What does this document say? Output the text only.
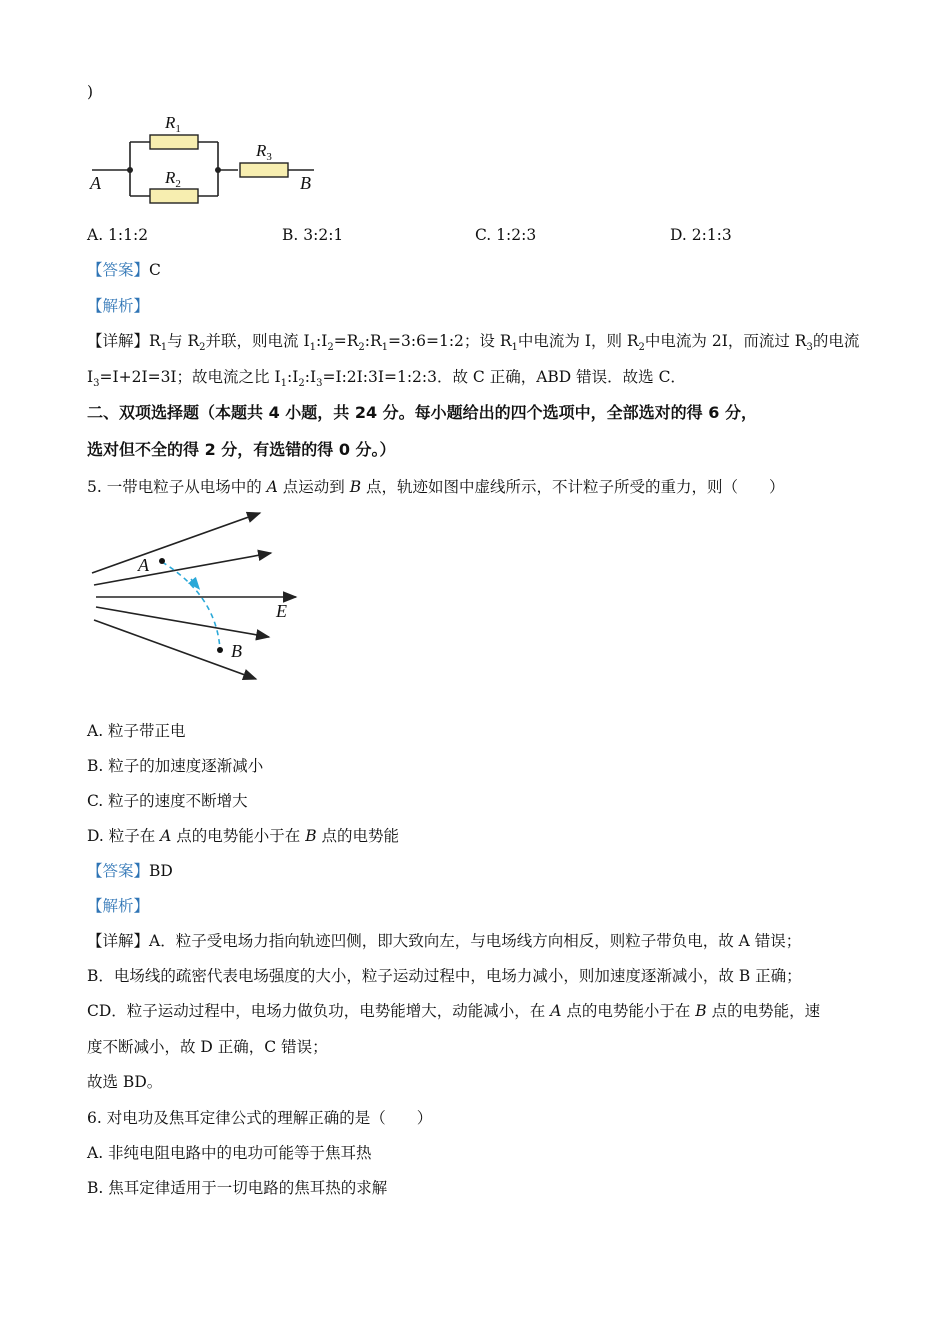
)
$R_1$
$R_2$
$R_3$
A	B
A. 1:1:2	B. 3:2:1	C. 1:2:3	D. 2:1:3
【答案】C
【解析】
【详解】$R_1$与 $R_2$并联，则电流 $I_1:I_2=R_2:R_1=3:6=1:2$；设 $R_1$中电流为 I，则 $R_2$中电流为 2I，而流过 $R_3$的电流
$I_3=I+2I=3I$；故电流之比 $I_1:I_2:I_3=I:2I:3I=1:2:3$．故 C 正确，ABD 错误．故选 C．
二、双项选择题（本题共 4 小题，共 24 分。每小题给出的四个选项中，全部选对的得 6 分，
选对但不全的得 2 分，有选错的得 0 分。）
5. 一带电粒子从电场中的 A 点运动到 B 点，轨迹如图中虚线所示，不计粒子所受的重力，则（　　）
A
B
E
A. 粒子带正电
B. 粒子的加速度逐渐减小
C. 粒子的速度不断增大
D. 粒子在 A 点的电势能小于在 B 点的电势能
【答案】BD
【解析】
【详解】A．粒子受电场力指向轨迹凹侧，即大致向左，与电场线方向相反，则粒子带负电，故 A 错误；
B．电场线的疏密代表电场强度的大小，粒子运动过程中，电场力减小，则加速度逐渐减小，故 B 正确；
CD．粒子运动过程中，电场力做负功，电势能增大，动能减小，在 A 点的电势能小于在 B 点的电势能，速
度不断减小，故 D 正确，C 错误；
故选 BD。
6. 对电功及焦耳定律公式的理解正确的是（　　）
A. 非纯电阻电路中的电功可能等于焦耳热
B. 焦耳定律适用于一切电路的焦耳热的求解
